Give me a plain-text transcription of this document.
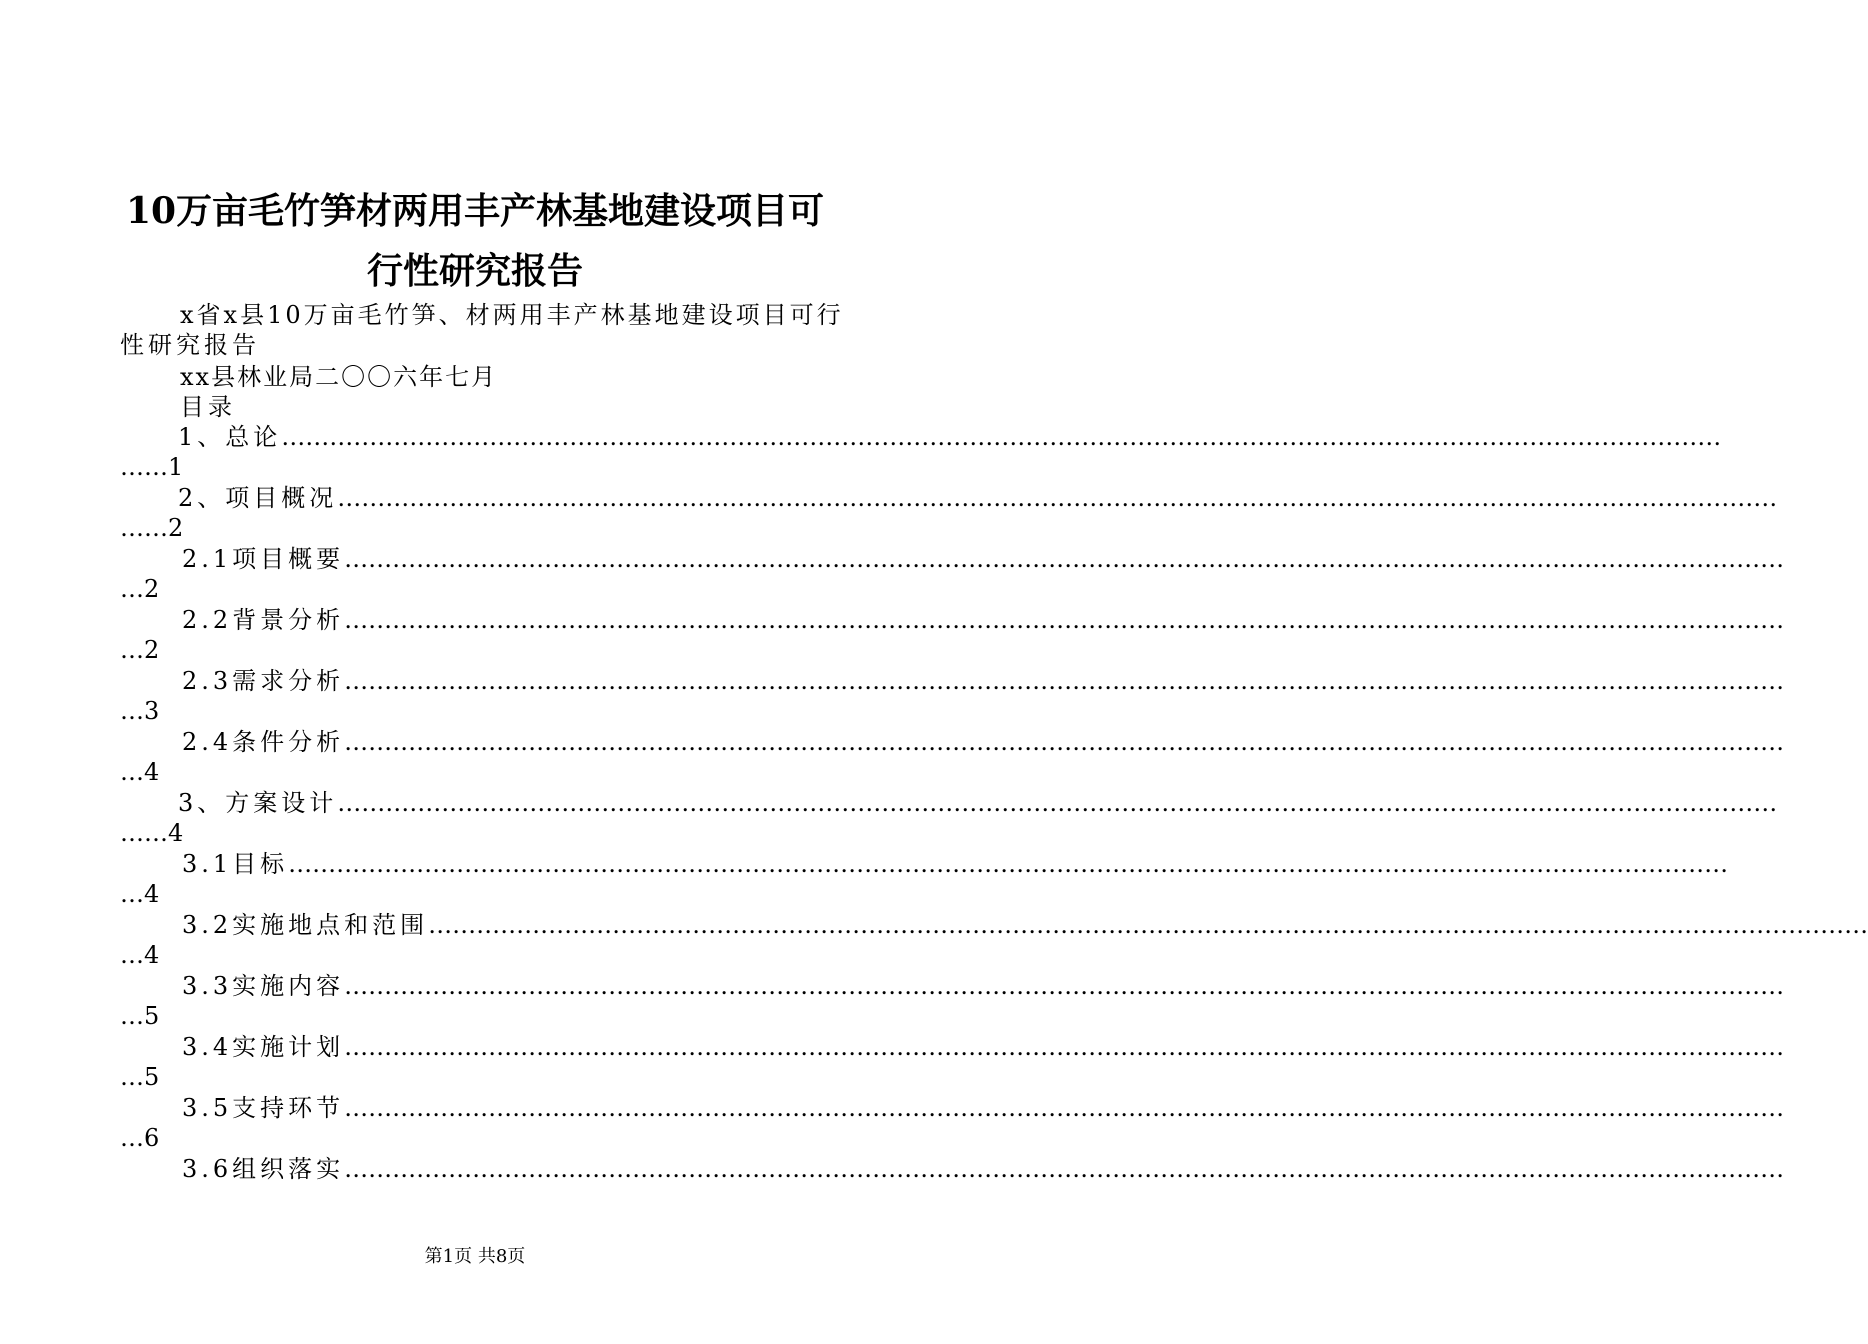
10万亩毛竹笋材两用丰产林基地建设项目可
行性研究报告
x省x县10万亩毛竹笋、材两用丰产林基地建设项目可行
性研究报告
xx县林业局二〇〇六年七月
目录
1、总论 ………………………………………………………………………………………………………………………………………………………………
……1
2、项目概况 ………………………………………………………………………………………………………………………………………………………………
……2
2.1项目概要 ………………………………………………………………………………………………………………………………………………………………
…2
2.2背景分析 ………………………………………………………………………………………………………………………………………………………………
…2
2.3需求分析 ………………………………………………………………………………………………………………………………………………………………
…3
2.4条件分析 ………………………………………………………………………………………………………………………………………………………………
…4
3、方案设计 ………………………………………………………………………………………………………………………………………………………………
……4
3.1目标 ………………………………………………………………………………………………………………………………………………………………
…4
3.2实施地点和范围 ………………………………………………………………………………………………………………………………………………………………
…4
3.3实施内容 ………………………………………………………………………………………………………………………………………………………………
…5
3.4实施计划 ………………………………………………………………………………………………………………………………………………………………
…5
3.5支持环节 ………………………………………………………………………………………………………………………………………………………………
…6
3.6组织落实 ………………………………………………………………………………………………………………………………………………………………
第1页 共8页
